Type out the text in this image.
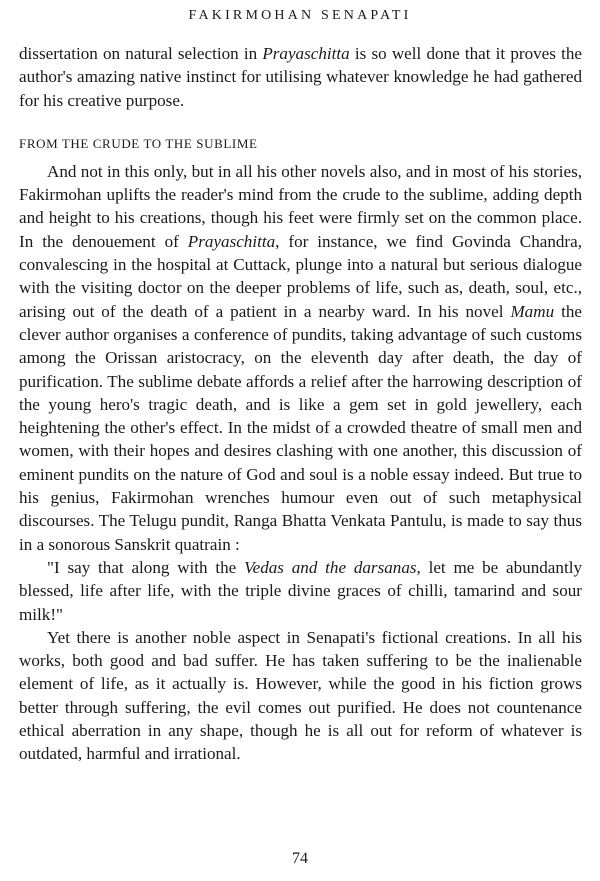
FAKIRMOHAN SENAPATI

dissertation on natural selection in Prayaschitta is so well done that it proves the author's amazing native instinct for utilising whatever knowledge he had gathered for his creative purpose.

FROM THE CRUDE TO THE SUBLIME

And not in this only, but in all his other novels also, and in most of his stories, Fakirmohan uplifts the reader's mind from the crude to the sublime, adding depth and height to his creations, though his feet were firmly set on the common place. In the denouement of Prayaschitta, for instance, we find Govinda Chandra, convalescing in the hospital at Cuttack, plunge into a natural but serious dialogue with the visiting doctor on the deeper problems of life, such as, death, soul, etc., arising out of the death of a patient in a nearby ward. In his novel Mamu the clever author organises a conference of pundits, taking advantage of such customs among the Orissan aristocracy, on the eleventh day after death, the day of purification. The sublime debate affords a relief after the harrowing description of the young hero's tragic death, and is like a gem set in gold jewellery, each heightening the other's effect. In the midst of a crowded theatre of small men and women, with their hopes and desires clashing with one another, this discussion of eminent pundits on the nature of God and soul is a noble essay indeed. But true to his genius, Fakirmohan wrenches humour even out of such metaphysical discourses. The Telugu pundit, Ranga Bhatta Venkata Pantulu, is made to say thus in a sonorous Sanskrit quatrain :

"I say that along with the Vedas and the darsanas, let me be abundantly blessed, life after life, with the triple divine graces of chilli, tamarind and sour milk!"

Yet there is another noble aspect in Senapati's fictional creations. In all his works, both good and bad suffer. He has taken suffering to be the inalienable element of life, as it actually is. However, while the good in his fiction grows better through suffering, the evil comes out purified. He does not countenance ethical aberration in any shape, though he is all out for reform of whatever is outdated, harmful and irrational.

74
